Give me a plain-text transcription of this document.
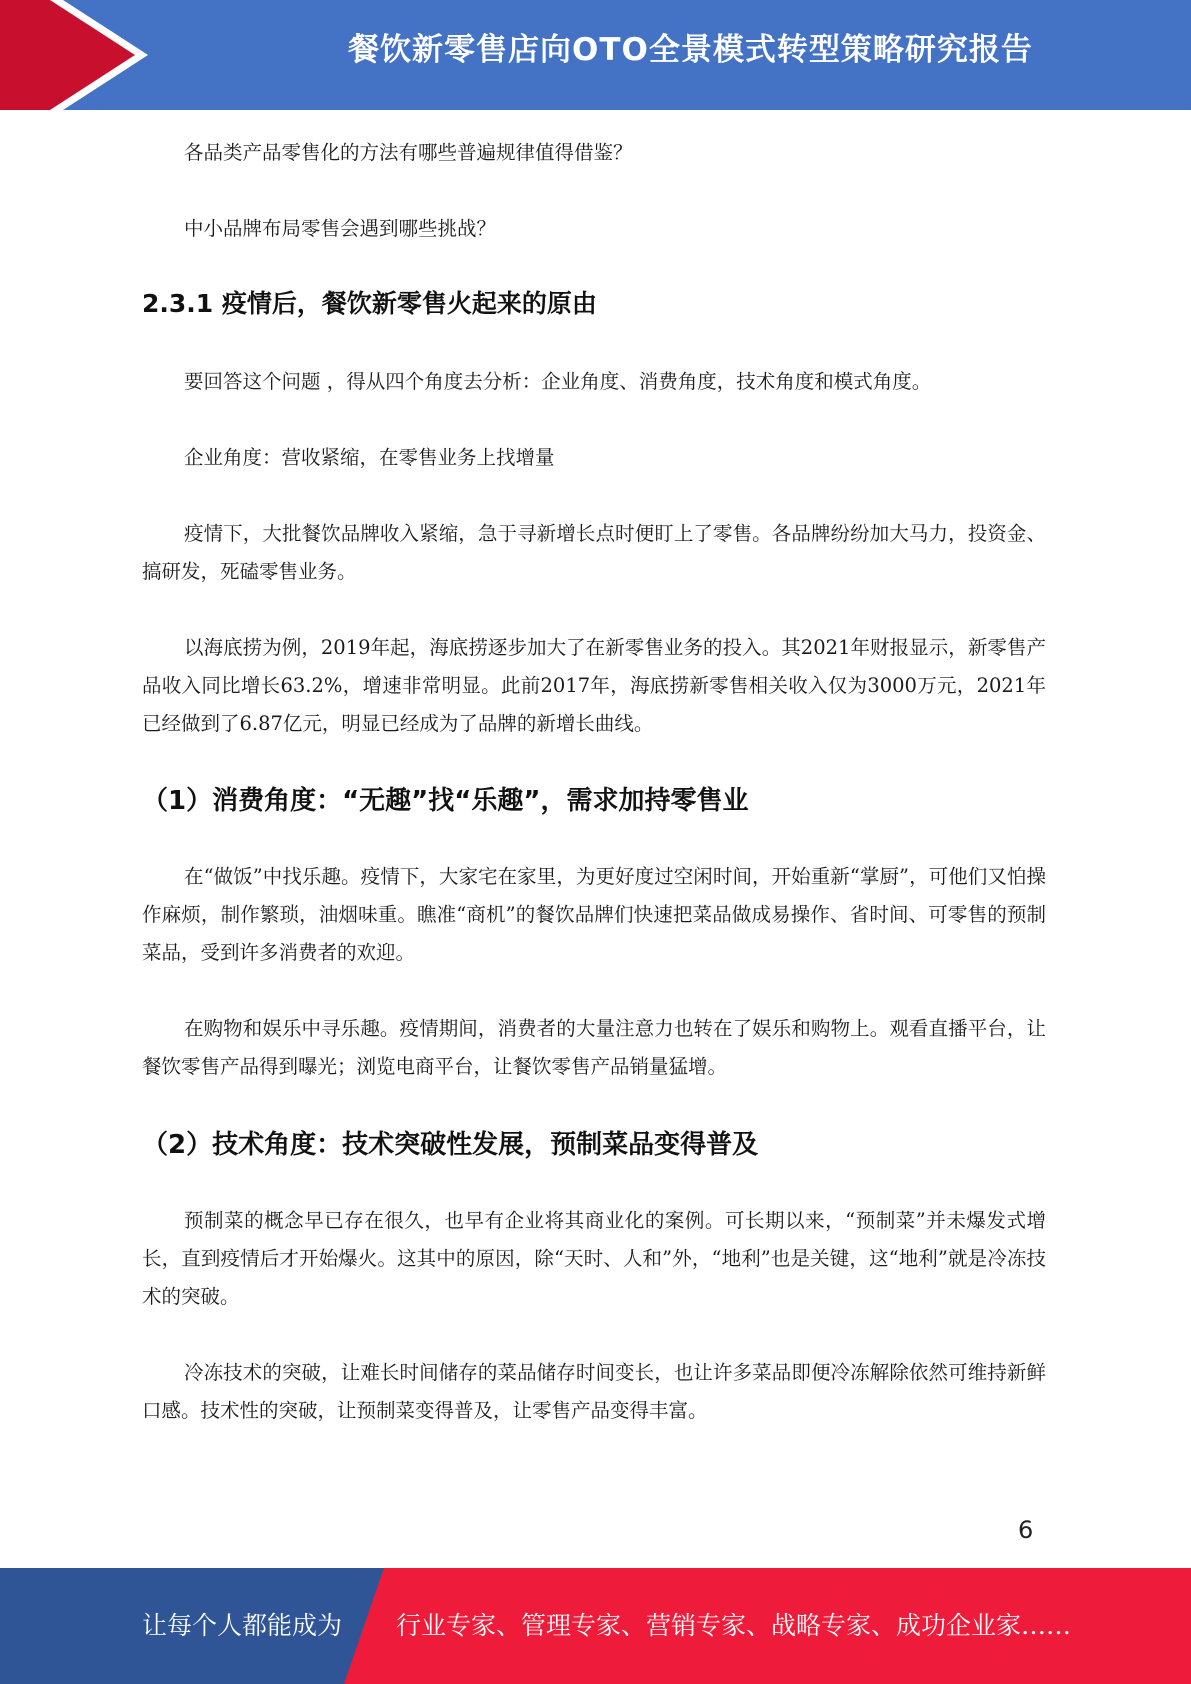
餐饮新零售店向OTO全景模式转型策略研究报告

各品类产品零售化的方法有哪些普遍规律值得借鉴？

中小品牌布局零售会遇到哪些挑战？

2.3.1 疫情后，餐饮新零售火起来的原由

要回答这个问题 ，得从四个角度去分析：企业角度、消费角度，技术角度和模式角度。

企业角度：营收紧缩，在零售业务上找增量

疫情下，大批餐饮品牌收入紧缩，急于寻新增长点时便盯上了零售。各品牌纷纷加大马力，投资金、搞研发，死磕零售业务。

以海底捞为例，2019年起，海底捞逐步加大了在新零售业务的投入。其2021年财报显示，新零售产品收入同比增长63.2%，增速非常明显。此前2017年，海底捞新零售相关收入仅为3000万元，2021年已经做到了6.87亿元，明显已经成为了品牌的新增长曲线。

（1）消费角度：“无趣”找“乐趣”，需求加持零售业

在“做饭”中找乐趣。疫情下，大家宅在家里，为更好度过空闲时间，开始重新“掌厨”，可他们又怕操作麻烦，制作繁琐，油烟味重。瞧准“商机”的餐饮品牌们快速把菜品做成易操作、省时间、可零售的预制菜品，受到许多消费者的欢迎。

在购物和娱乐中寻乐趣。疫情期间，消费者的大量注意力也转在了娱乐和购物上。观看直播平台，让餐饮零售产品得到曝光；浏览电商平台，让餐饮零售产品销量猛增。

（2）技术角度：技术突破性发展，预制菜品变得普及

预制菜的概念早已存在很久，也早有企业将其商业化的案例。可长期以来，“预制菜”并未爆发式增长，直到疫情后才开始爆火。这其中的原因，除“天时、人和”外，“地利”也是关键，这“地利”就是冷冻技术的突破。

冷冻技术的突破，让难长时间储存的菜品储存时间变长，也让许多菜品即便冷冻解除依然可维持新鲜口感。技术性的突破，让预制菜变得普及，让零售产品变得丰富。

6
让每个人都能成为 行业专家、管理专家、营销专家、战略专家、成功企业家……
